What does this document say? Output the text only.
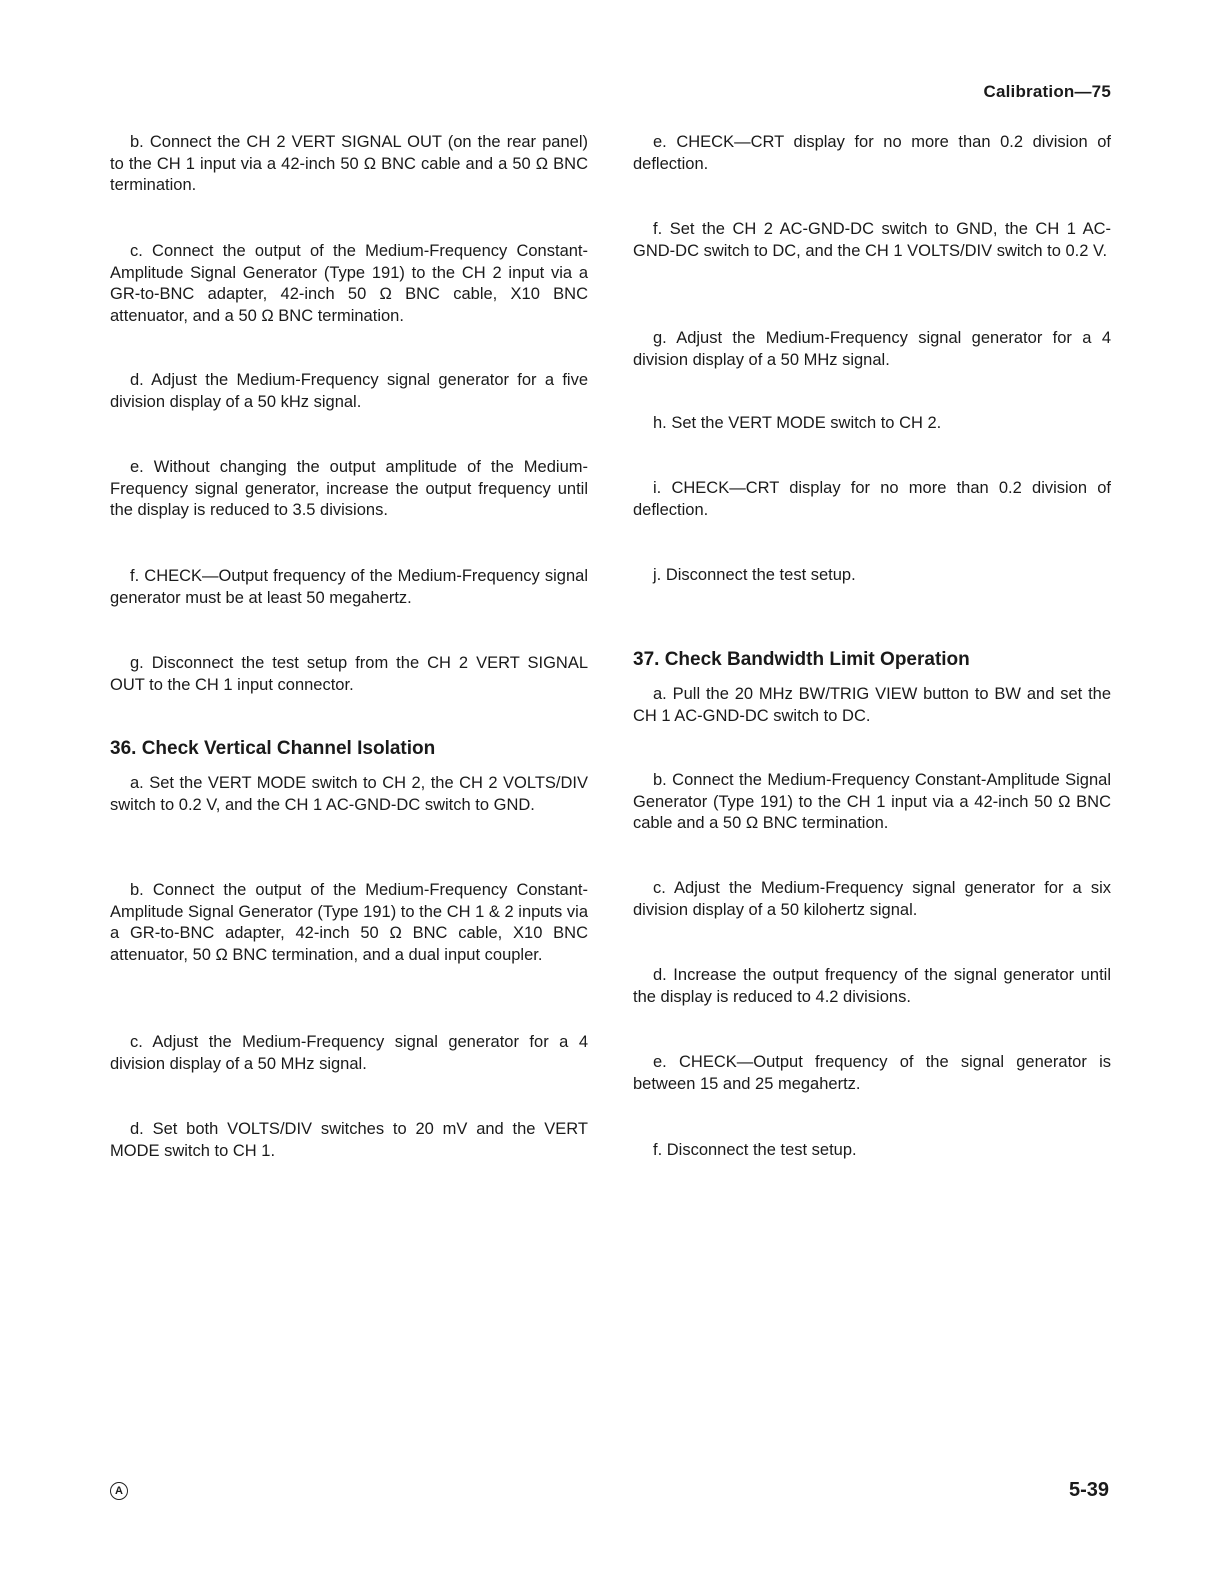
Calibration—75

b. Connect the CH 2 VERT SIGNAL OUT (on the rear panel) to the CH 1 input via a 42-inch 50 Ω BNC cable and a 50 Ω BNC termination.

c. Connect the output of the Medium-Frequency Constant-Amplitude Signal Generator (Type 191) to the CH 2 input via a GR-to-BNC adapter, 42-inch 50 Ω BNC cable, X10 BNC attenuator, and a 50 Ω BNC termination.

d. Adjust the Medium-Frequency signal generator for a five division display of a 50 kHz signal.

e. Without changing the output amplitude of the Medium-Frequency signal generator, increase the output frequency until the display is reduced to 3.5 divisions.

f. CHECK—Output frequency of the Medium-Frequency signal generator must be at least 50 megahertz.

g. Disconnect the test setup from the CH 2 VERT SIGNAL OUT to the CH 1 input connector.

36. Check Vertical Channel Isolation

a. Set the VERT MODE switch to CH 2, the CH 2 VOLTS/DIV switch to 0.2 V, and the CH 1 AC-GND-DC switch to GND.

b. Connect the output of the Medium-Frequency Constant-Amplitude Signal Generator (Type 191) to the CH 1 & 2 inputs via a GR-to-BNC adapter, 42-inch 50 Ω BNC cable, X10 BNC attenuator, 50 Ω BNC termination, and a dual input coupler.

c. Adjust the Medium-Frequency signal generator for a 4 division display of a 50 MHz signal.

d. Set both VOLTS/DIV switches to 20 mV and the VERT MODE switch to CH 1.

e. CHECK—CRT display for no more than 0.2 division of deflection.

f. Set the CH 2 AC-GND-DC switch to GND, the CH 1 AC-GND-DC switch to DC, and the CH 1 VOLTS/DIV switch to 0.2 V.

g. Adjust the Medium-Frequency signal generator for a 4 division display of a 50 MHz signal.

h. Set the VERT MODE switch to CH 2.

i. CHECK—CRT display for no more than 0.2 division of deflection.

j. Disconnect the test setup.

37. Check Bandwidth Limit Operation

a. Pull the 20 MHz BW/TRIG VIEW button to BW and set the CH 1 AC-GND-DC switch to DC.

b. Connect the Medium-Frequency Constant-Amplitude Signal Generator (Type 191) to the CH 1 input via a 42-inch 50 Ω BNC cable and a 50 Ω BNC termination.

c. Adjust the Medium-Frequency signal generator for a six division display of a 50 kilohertz signal.

d. Increase the output frequency of the signal generator until the display is reduced to 4.2 divisions.

e. CHECK—Output frequency of the signal generator is between 15 and 25 megahertz.

f. Disconnect the test setup.

A	5-39
